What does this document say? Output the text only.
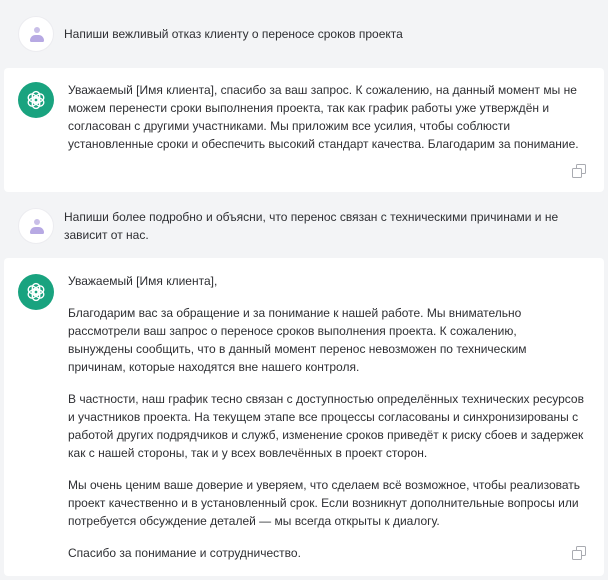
Напиши вежливый отказ клиенту о переносе сроков проекта

Уважаемый [Имя клиента], спасибо за ваш запрос. К сожалению, на данный момент мы не можем перенести сроки выполнения проекта, так как график работы уже утверждён и согласован с другими участниками. Мы приложим все усилия, чтобы соблюсти установленные сроки и обеспечить высокий стандарт качества. Благодарим за понимание.

Напиши более подробно и объясни, что перенос связан с техническими причинами и не зависит от нас.

Уважаемый [Имя клиента],

Благодарим вас за обращение и за понимание к нашей работе. Мы внимательно рассмотрели ваш запрос о переносе сроков выполнения проекта. К сожалению, вынуждены сообщить, что в данный момент перенос невозможен по техническим причинам, которые находятся вне нашего контроля.

В частности, наш график тесно связан с доступностью определённых технических ресурсов и участников проекта. На текущем этапе все процессы согласованы и синхронизированы с работой других подрядчиков и служб, изменение сроков приведёт к риску сбоев и задержек как с нашей стороны, так и у всех вовлечённых в проект сторон.

Мы очень ценим ваше доверие и уверяем, что сделаем всё возможное, чтобы реализовать проект качественно и в установленный срок. Если возникнут дополнительные вопросы или потребуется обсуждение деталей — мы всегда открыты к диалогу.

Спасибо за понимание и сотрудничество.
